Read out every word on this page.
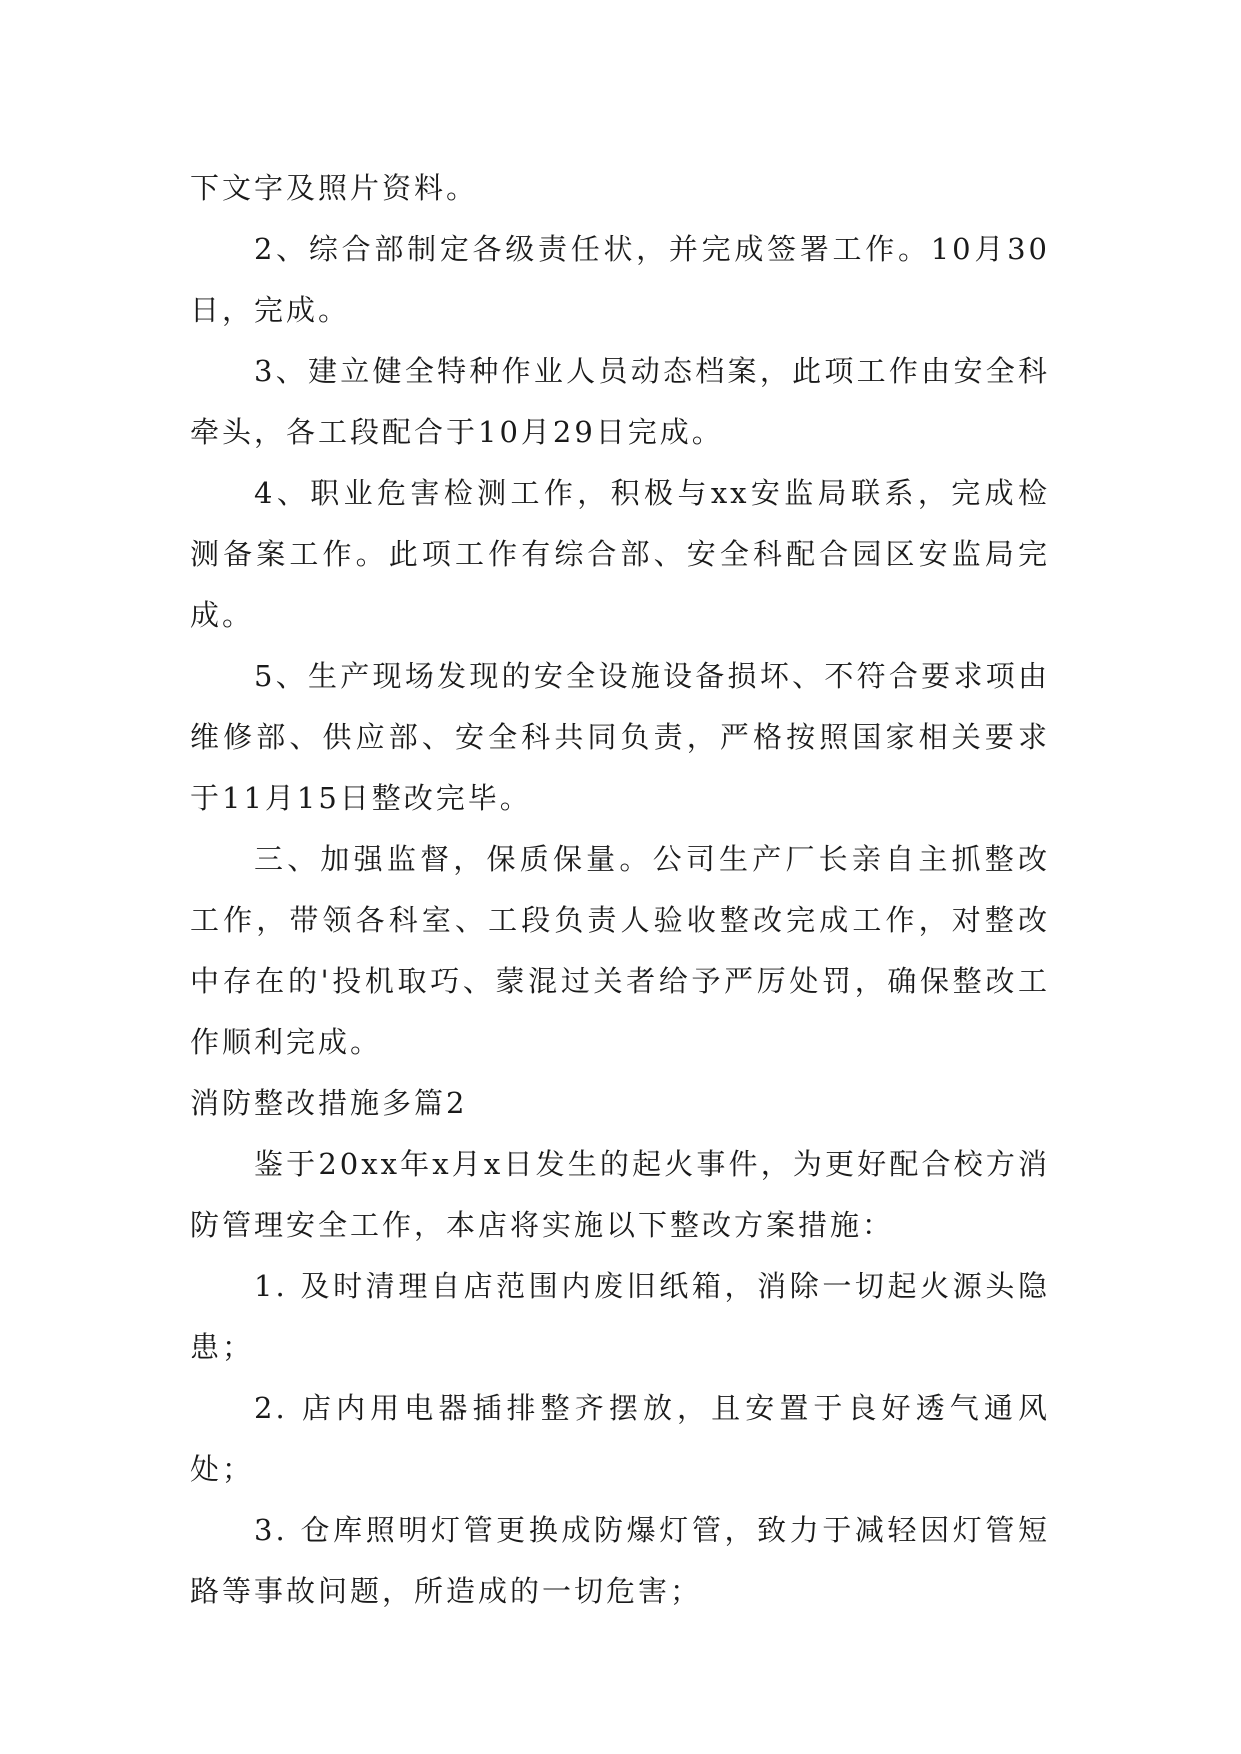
下文字及照片资料。

2、综合部制定各级责任状，并完成签署工作。10月30日，完成。

3、建立健全特种作业人员动态档案，此项工作由安全科牵头，各工段配合于10月29日完成。

4、职业危害检测工作，积极与xx安监局联系，完成检测备案工作。此项工作有综合部、安全科配合园区安监局完成。

5、生产现场发现的安全设施设备损坏、不符合要求项由维修部、供应部、安全科共同负责，严格按照国家相关要求于11月15日整改完毕。

三、加强监督，保质保量。公司生产厂长亲自主抓整改工作，带领各科室、工段负责人验收整改完成工作，对整改中存在的'投机取巧、蒙混过关者给予严厉处罚，确保整改工作顺利完成。

消防整改措施多篇2

鉴于20xx年x月x日发生的起火事件，为更好配合校方消防管理安全工作，本店将实施以下整改方案措施：

1. 及时清理自店范围内废旧纸箱，消除一切起火源头隐患；

2. 店内用电器插排整齐摆放，且安置于良好透气通风处；

3. 仓库照明灯管更换成防爆灯管，致力于减轻因灯管短路等事故问题，所造成的一切危害；
